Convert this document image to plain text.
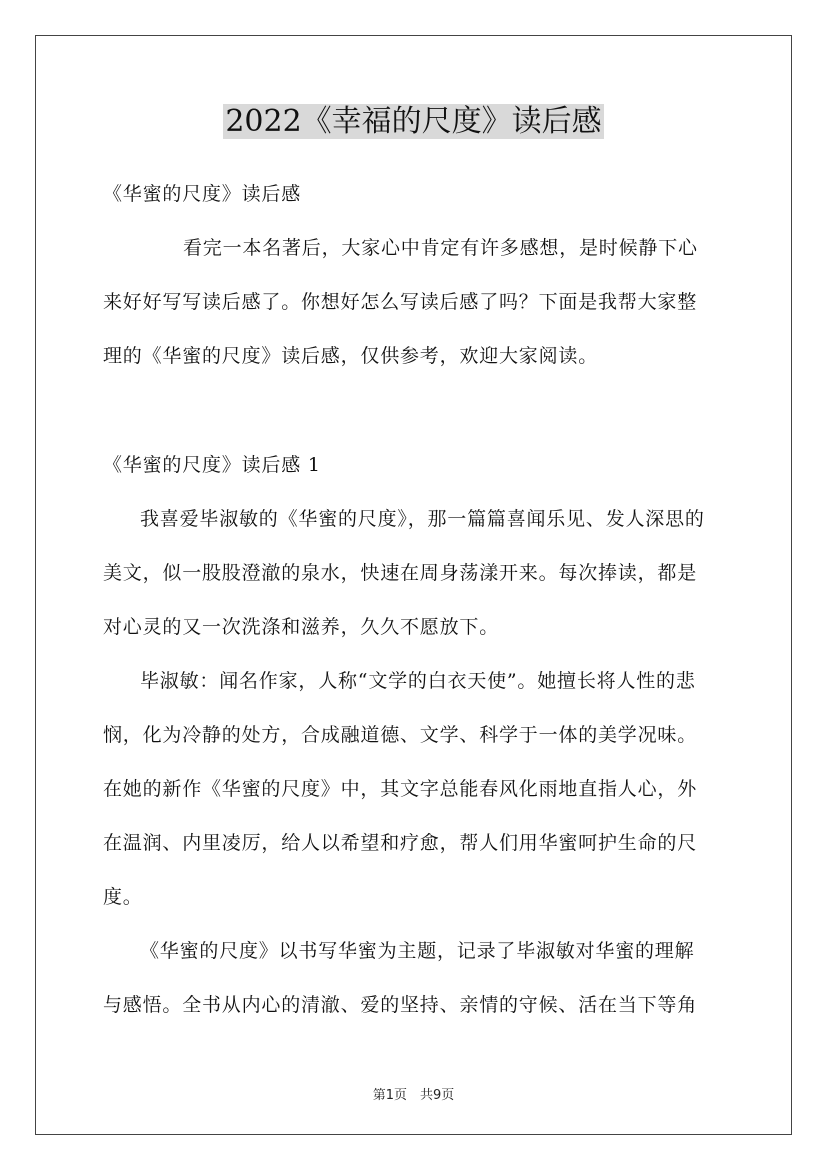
2022《幸福的尺度》读后感

《华蜜的尺度》读后感

看完一本名著后，大家心中肯定有许多感想，是时候静下心

来好好写写读后感了。你想好怎么写读后感了吗？下面是我帮大家整

理的《华蜜的尺度》读后感，仅供参考，欢迎大家阅读。

《华蜜的尺度》读后感 1

我喜爱毕淑敏的《华蜜的尺度》，那一篇篇喜闻乐见、发人深思的

美文，似一股股澄澈的泉水，快速在周身荡漾开来。每次捧读，都是

对心灵的又一次洗涤和滋养，久久不愿放下。

毕淑敏：闻名作家，人称“文学的白衣天使”。她擅长将人性的悲

悯，化为冷静的处方，合成融道德、文学、科学于一体的美学况味。

在她的新作《华蜜的尺度》中，其文字总能春风化雨地直指人心，外

在温润、内里凌厉，给人以希望和疗愈，帮人们用华蜜呵护生命的尺

度。

《华蜜的尺度》以书写华蜜为主题，记录了毕淑敏对华蜜的理解

与感悟。全书从内心的清澈、爱的坚持、亲情的守候、活在当下等角

第1页　共9页
